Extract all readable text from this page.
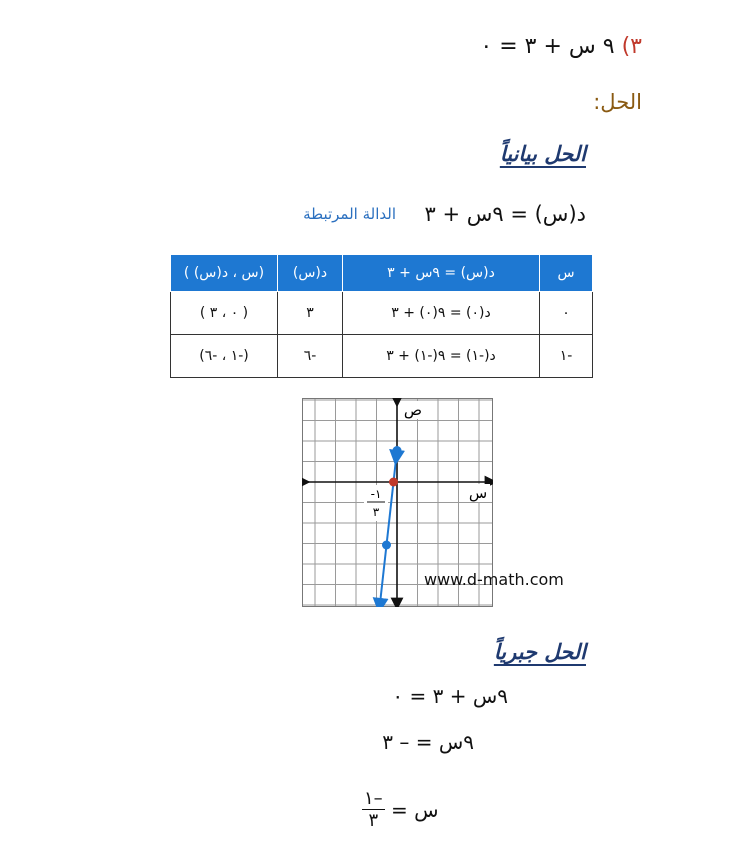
٣) ٩ س + ٣ = ٠
الحل:
الحل بيانياً
د(س) = ٩س + ٣
الدالة المرتبطة
س	د(س) = ٩س + ٣	د(س)	(س ، د(س) )
٠	د(٠) = ٩(٠) + ٣	٣	( ٠ ، ٣ )
-١	د(-١) = ٩(-١) + ٣	-٦	(-١ ، -٦)
ص
س
-١
٣
www.d-math.com
الحل جبرياً
٩س + ٣ = ٠
٩س = – ٣
$\frac{١-}{٣}$ س =
